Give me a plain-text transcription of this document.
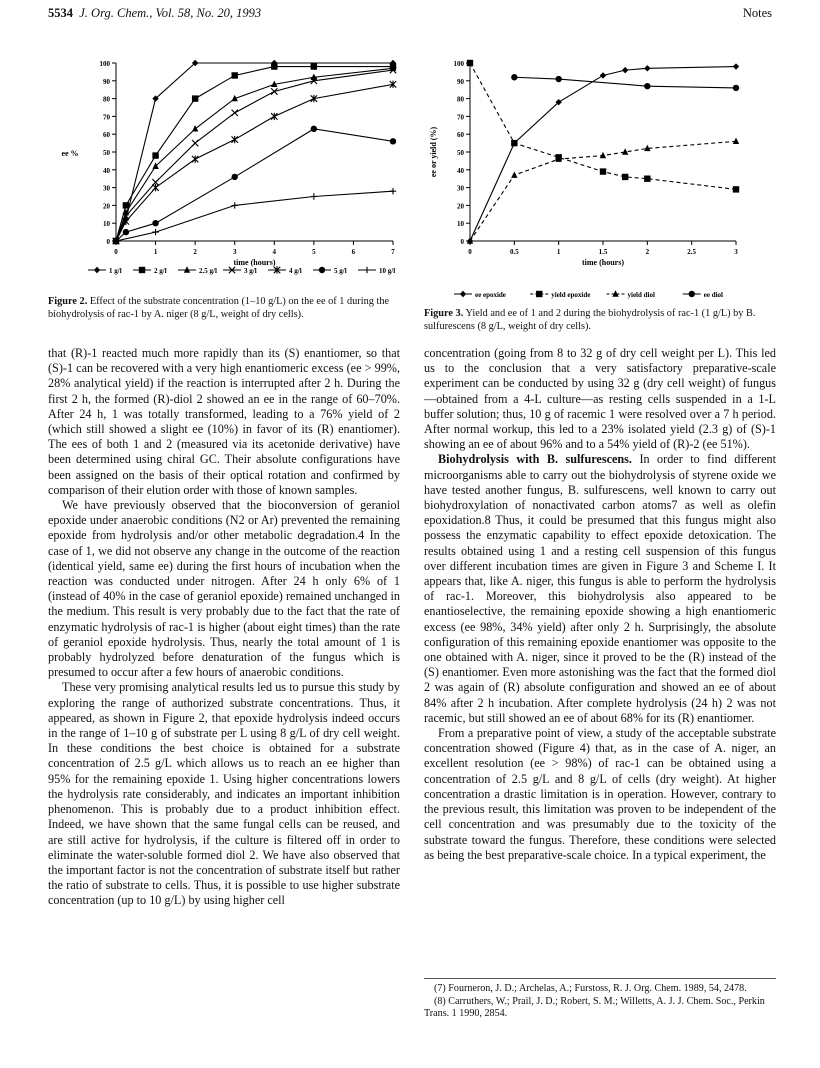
5534 J. Org. Chem., Vol. 58, No. 20, 1993	Notes
0
10
20
30
40
50
60
70
80
90
100
0	1	2	3	4	5	6	7
time (hours)
ee %
1 g/l	2 g/l	2.5 g/l	3 g/l	4 g/l	5 g/l	10 g/l
0
10
20
30
40
50
60
70
80
90
100
0	0.5	1	1.5	2	2.5	3
time (hours)
ee or yield (%)
ee epoxide	yield epoxide	yield diol	ee diol
Figure 2. Effect of the substrate concentration (1–10 g/L) on the ee of 1 during the biohydrolysis of rac-1 by A. niger (8 g/L, weight of dry cells).	Figure 3. Yield and ee of 1 and 2 during the biohydrolysis of rac-1 (1 g/L) by B. sulfurescens (8 g/L, weight of dry cells).

that (R)-1 reacted much more rapidly than its (S) enantiomer, so that (S)-1 can be recovered with a very high enantiomeric excess (ee > 99%, 28% analytical yield) if the reaction is interrupted after 2 h. During the first 2 h, the formed (R)-diol 2 showed an ee in the range of 60–70%. After 24 h, 1 was totally transformed, leading to a 76% yield of 2 (which still showed a slight ee (10%) in favor of its (R) enantiomer). The ees of both 1 and 2 (measured via its acetonide derivative) have been determined using chiral GC. Their absolute configurations have been assigned on the basis of their optical rotation and confirmed by comparison of their elution order with those of known samples.

We have previously observed that the bioconversion of geraniol epoxide under anaerobic conditions (N2 or Ar) prevented the remaining epoxide from hydrolysis and/or other metabolic degradation.4 In the case of 1, we did not observe any change in the outcome of the reaction (identical yield, same ee) during the first hours of incubation when the reaction was conducted under nitrogen. After 24 h only 6% of 1 (instead of 40% in the case of geraniol epoxide) remained unchanged in the medium. This result is very probably due to the fact that the rate of enzymatic hydrolysis of rac-1 is higher (about eight times) than the rate of geraniol epoxide hydrolysis. Thus, nearly the total amount of 1 is probably hydrolyzed before denaturation of the fungus which is presumed to occur after a few hours of anaerobic conditions.

These very promising analytical results led us to pursue this study by exploring the range of authorized substrate concentrations. Thus, it appeared, as shown in Figure 2, that epoxide hydrolysis indeed occurs in the range of 1–10 g of substrate per L using 8 g/L of dry cell weight. In these conditions the best choice is obtained for a substrate concentration of 2.5 g/L which allows us to reach an ee higher than 95% for the remaining epoxide 1. Using higher concentrations lowers the hydrolysis rate considerably, and indicates an important inhibition phenomenon. This is probably due to a product inhibition effect. Indeed, we have shown that the same fungal cells can be reused, and are still active for hydrolysis, if the culture is filtered off in order to eliminate the water-soluble formed diol 2. We have also observed that the important factor is not the concentration of substrate itself but rather the ratio of substrate to cells. Thus, it is possible to use higher substrate concentration (up to 10 g/L) by using higher cell

concentration (going from 8 to 32 g of dry cell weight per L). This led us to the conclusion that a very satisfactory preparative-scale experiment can be conducted by using 32 g (dry cell weight) of fungus—obtained from a 4-L culture—as resting cells suspended in a 1-L buffer solution; thus, 10 g of racemic 1 were resolved over a 7 h period. After normal workup, this led to a 23% isolated yield (2.3 g) of (S)-1 showing an ee of about 96% and to a 54% yield of (R)-2 (ee 51%).

Biohydrolysis with B. sulfurescens. In order to find different microorganisms able to carry out the biohydrolysis of styrene oxide we have tested another fungus, B. sulfurescens, well known to carry out biohydroxylation of nonactivated carbon atoms7 as well as olefin epoxidation.8 Thus, it could be presumed that this fungus might also possess the enzymatic capability to effect epoxide detoxication. The results obtained using 1 and a resting cell suspension of this fungus over different incubation times are given in Figure 3 and Scheme I. It appears that, like A. niger, this fungus is able to perform the hydrolysis of rac-1. Moreover, this biohydrolysis also appeared to be enantioselective, the remaining epoxide showing a high enantiomeric excess (ee 98%, 34% yield) after only 2 h. Surprisingly, the absolute configuration of this remaining epoxide enantiomer was opposite to the one obtained with A. niger, since it proved to be the (R) instead of the (S) enantiomer. Even more astonishing was the fact that the formed diol 2 was again of (R) absolute configuration and showed an ee of about 84% after 2 h incubation. After complete hydrolysis (24 h) 2 was not racemic, but still showed an ee of about 68% for its (R) enantiomer.

From a preparative point of view, a study of the acceptable substrate concentration showed (Figure 4) that, as in the case of A. niger, an excellent resolution (ee > 98%) of rac-1 can be obtained using a concentration of 2.5 g/L and 8 g/L of cells (dry weight). At higher concentration a drastic limitation is in operation. However, contrary to the previous result, this limitation was proven to be independent of the cell concentration and was presumably due to the toxicity of the substrate toward the fungus. Therefore, these conditions were selected as being the best preparative-scale choice. In a typical experiment, the

(7) Fourneron, J. D.; Archelas, A.; Furstoss, R. J. Org. Chem. 1989, 54, 2478.
(8) Carruthers, W.; Prail, J. D.; Robert, S. M.; Willetts, A. J. J. Chem. Soc., Perkin Trans. 1 1990, 2854.
